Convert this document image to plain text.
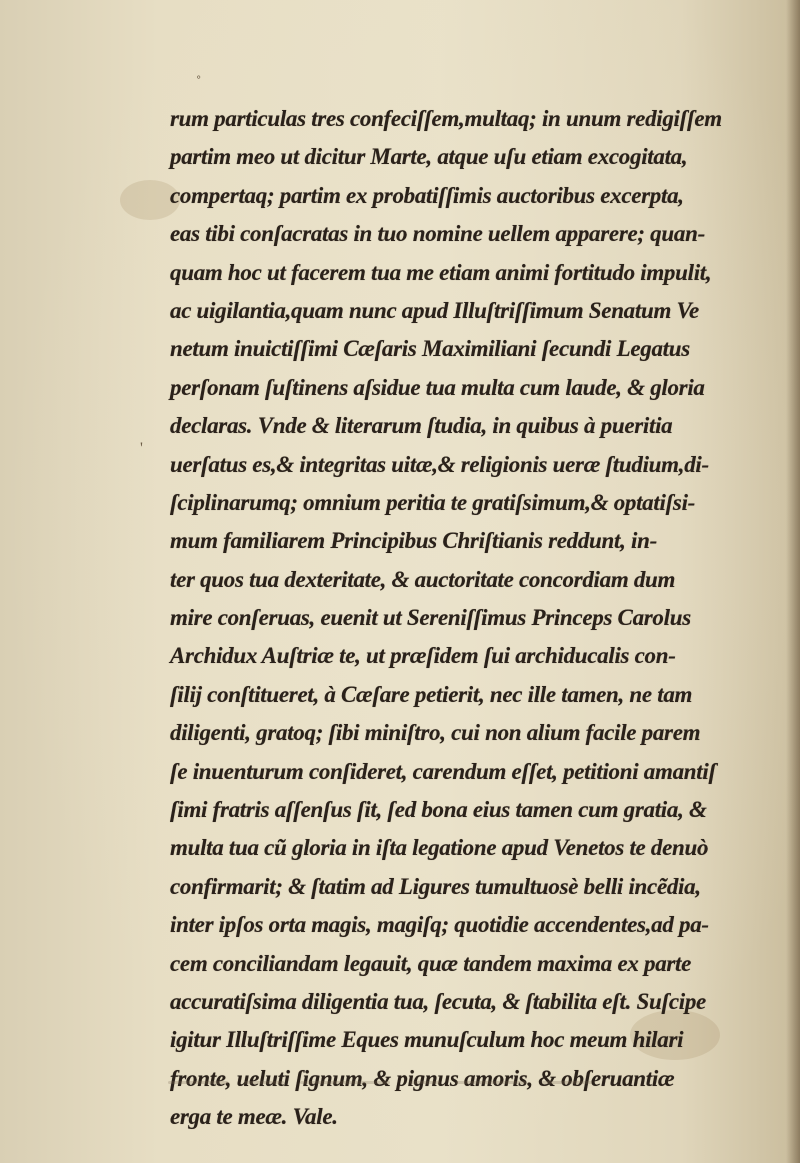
˚
'
rum particulas tres confeciſſem,multaq; in unum redigiſſem
partim meo ut dicitur Marte, atque uſu etiam excogitata,
compertaq; partim ex probatiſſimis auctoribus excerpta,
eas tibi conſacratas in tuo nomine uellem apparere; quan-
quam hoc ut facerem tua me etiam animi fortitudo impulit,
ac uigilantia,quam nunc apud Illuſtriſſimum Senatum Ve
netum inuictiſſimi Cæſaris Maximiliani ſecundi Legatus
perſonam ſuſtinens aſsidue tua multa cum laude, & gloria
declaras. Vnde & literarum ſtudia, in quibus à pueritia
uerſatus es,& integritas uitæ,& religionis ueræ ſtudium,di-
ſciplinarumq; omnium peritia te gratiſsimum,& optatiſsi-
mum familiarem Principibus Chriſtianis reddunt, in-
ter quos tua dexteritate, & auctoritate concordiam dum
mire conſeruas, euenit ut Sereniſſimus Princeps Carolus
Archidux Auſtriæ te, ut præſidem ſui archiducalis con-
ſilij conſtitueret, à Cæſare petierit, nec ille tamen, ne tam
diligenti, gratoq; ſibi miniſtro, cui non alium facile parem
ſe inuenturum conſideret, carendum eſſet, petitioni amantiſ
ſimi fratris aſſenſus ſit, ſed bona eius tamen cum gratia, &
multa tua cũ gloria in iſta legatione apud Venetos te denuò
confirmarit; & ſtatim ad Ligures tumultuosè belli incẽdia,
inter ipſos orta magis, magiſq; quotidie accendentes,ad pa-
cem conciliandam legauit, quæ tandem maxima ex parte
accuratiſsima diligentia tua, ſecuta, & ſtabilita eſt. Suſcipe
igitur Illuſtriſſime Eques munuſculum hoc meum hilari
fronte, ueluti ſignum, & pignus amoris, & obſeruantiæ
erga te meæ. Vale.
